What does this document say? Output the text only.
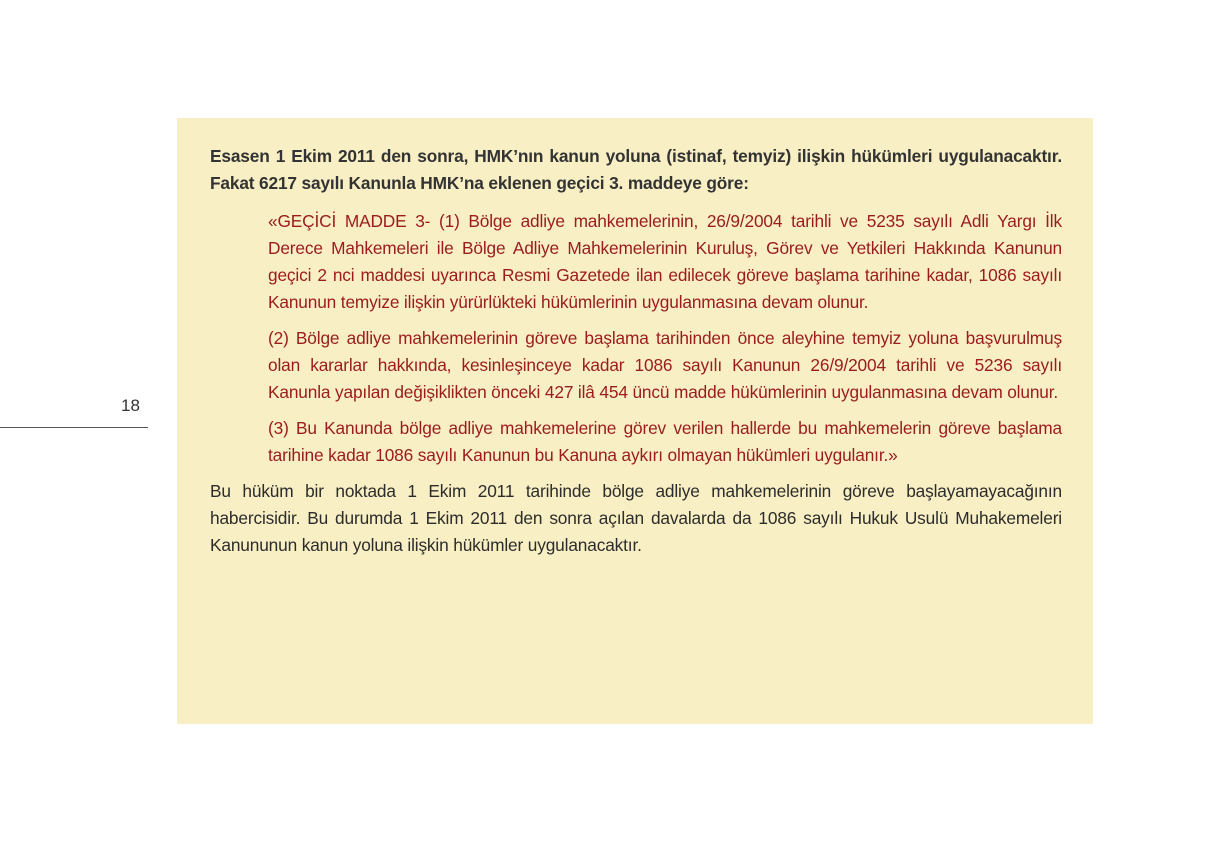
18

Esasen 1 Ekim 2011 den sonra, HMK’nın kanun yoluna (istinaf, temyiz) ilişkin hükümleri uygulanacaktır. Fakat 6217 sayılı Kanunla HMK’na eklenen geçici 3. maddeye göre:

«GEÇİCİ MADDE 3- (1) Bölge adliye mahkemelerinin, 26/9/2004 tarihli ve 5235 sayılı Adli Yargı İlk Derece Mahkemeleri ile Bölge Adliye Mahkemelerinin Kuruluş, Görev ve Yetkileri Hakkında Kanunun geçici 2 nci maddesi uyarınca Resmi Gazetede ilan edilecek göreve başlama tarihine kadar, 1086 sayılı Kanunun temyize ilişkin yürürlükteki hükümlerinin uygulanmasına devam olunur.

(2) Bölge adliye mahkemelerinin göreve başlama tarihinden önce aleyhine temyiz yoluna başvurulmuş olan kararlar hakkında, kesinleşinceye kadar 1086 sayılı Kanunun 26/9/2004 tarihli ve 5236 sayılı Kanunla yapılan değişiklikten önceki 427 ilâ 454 üncü madde hükümlerinin uygulanmasına devam olunur.

(3) Bu Kanunda bölge adliye mahkemelerine görev verilen hallerde bu mahkemelerin göreve başlama tarihine kadar 1086 sayılı Kanunun bu Kanuna aykırı olmayan hükümleri uygulanır.»

Bu hüküm bir noktada 1 Ekim 2011 tarihinde bölge adliye mahkemelerinin göreve başlayamayacağının habercisidir. Bu durumda 1 Ekim 2011 den sonra açılan davalarda da 1086 sayılı Hukuk Usulü Muhakemeleri Kanununun kanun yoluna ilişkin hükümler uygulanacaktır.
